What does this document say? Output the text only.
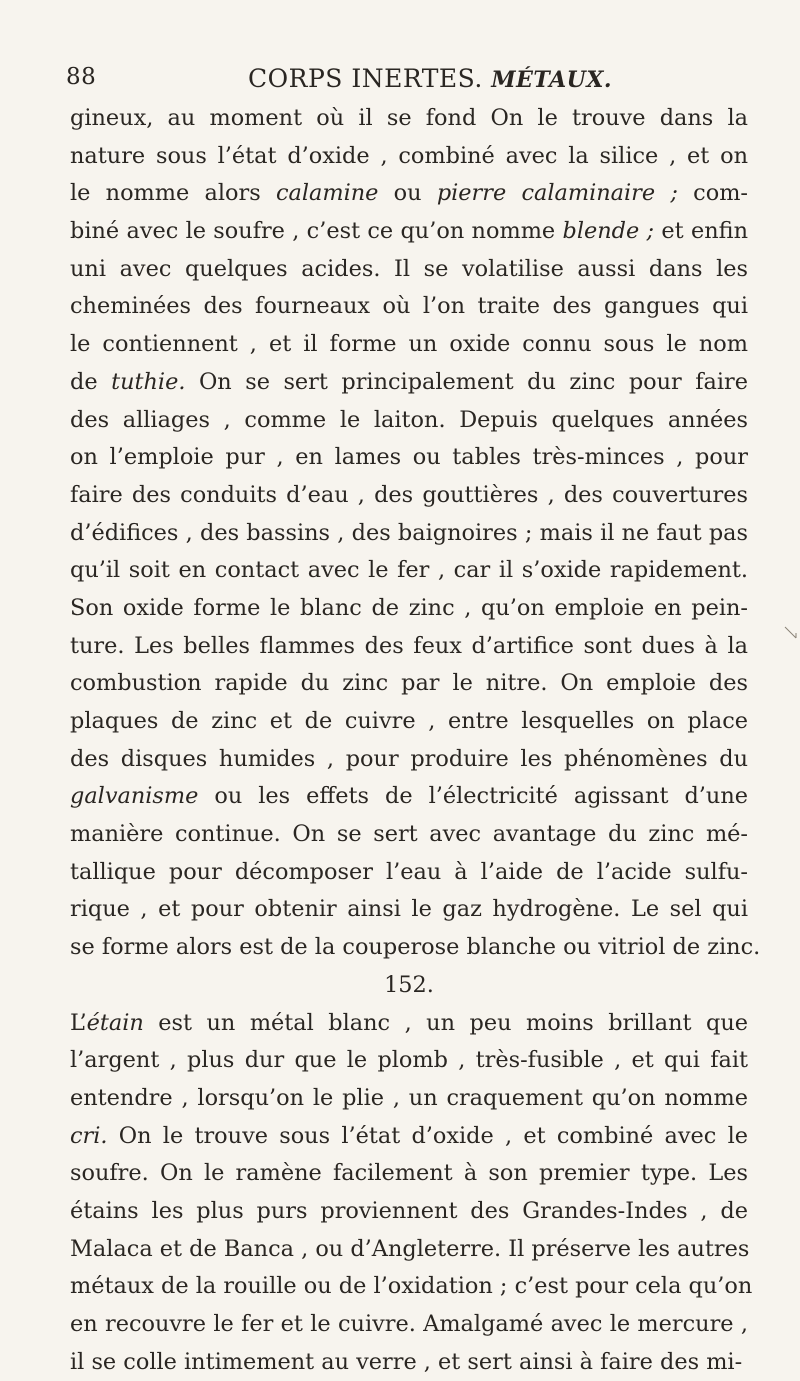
88	CORPS INERTES. MÉTAUX.
gineux, au moment où il se fond On le trouve dans la
nature sous l’état d’oxide , combiné avec la silice , et on
le nomme alors calamine ou pierre calaminaire ; com-
biné avec le soufre , c’est ce qu’on nomme blende ; et enfin
uni avec quelques acides. Il se volatilise aussi dans les
cheminées des fourneaux où l’on traite des gangues qui
le contiennent , et il forme un oxide connu sous le nom
de tuthie. On se sert principalement du zinc pour faire
des alliages , comme le laiton. Depuis quelques années
on l’emploie pur , en lames ou tables très-minces , pour
faire des conduits d’eau , des gouttières , des couvertures
d’édifices , des bassins , des baignoires ; mais il ne faut pas
qu’il soit en contact avec le fer , car il s’oxide rapidement.
Son oxide forme le blanc de zinc , qu’on emploie en pein-
ture. Les belles flammes des feux d’artifice sont dues à la
combustion rapide du zinc par le nitre. On emploie des
plaques de zinc et de cuivre , entre lesquelles on place
des disques humides , pour produire les phénomènes du
galvanisme ou les effets de l’électricité agissant d’une
manière continue. On se sert avec avantage du zinc mé-
tallique pour décomposer l’eau à l’aide de l’acide sulfu-
rique , et pour obtenir ainsi le gaz hydrogène. Le sel qui
se forme alors est de la couperose blanche ou vitriol de zinc.
152.
L’étain est un métal blanc , un peu moins brillant que
l’argent , plus dur que le plomb , très-fusible , et qui fait
entendre , lorsqu’on le plie , un craquement qu’on nomme
cri. On le trouve sous l’état d’oxide , et combiné avec le
soufre. On le ramène facilement à son premier type. Les
étains les plus purs proviennent des Grandes-Indes , de
Malaca et de Banca , ou d’Angleterre. Il préserve les autres
métaux de la rouille ou de l’oxidation ; c’est pour cela qu’on
en recouvre le fer et le cuivre. Amalgamé avec le mercure ,
il se colle intimement au verre , et sert ainsi à faire des mi-
